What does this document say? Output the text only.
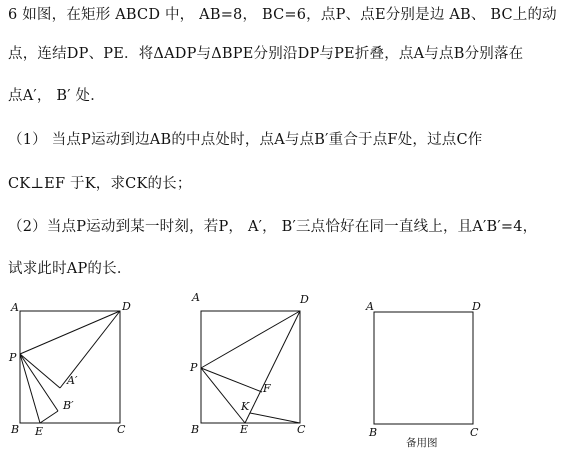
6 如图，在矩形 ABCD 中， AB=8， BC=6，点P、点E分别是边 AB、 BC上的动
点，连结DP、PE．将ΔADP与ΔBPE分别沿DP与PE折叠，点A与点B分别落在
点A′， B′ 处．
（1） 当点P运动到边AB的中点处时，点A与点B′重合于点F处，过点C作
CK⊥EF 于K，求CK的长；
（2）当点P运动到某一时刻，若P， A′， B′三点恰好在同一直线上，且A′B′=4，
试求此时AP的长．
A	D
P
A′
B′
B E	C
A	D
P
F
K
B	E	C
A	D
B	C
备用图
